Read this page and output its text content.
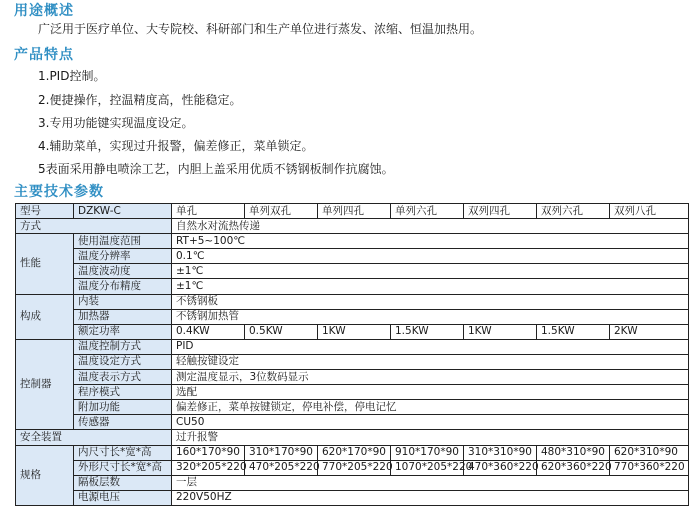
用途概述
广泛用于医疗单位、大专院校、科研部门和生产单位进行蒸发、浓缩、恒温加热用。
产品特点
1.PID控制。
2.便捷操作，控温精度高，性能稳定。
3.专用功能键实现温度设定。
4.辅助菜单，实现过升报警，偏差修正，菜单锁定。
5表面采用静电喷涂工艺，内胆上盖采用优质不锈钢板制作抗腐蚀。
主要技术参数
型号	DZKW-C	单孔	单列双孔	单列四孔	单列六孔	双列四孔	双列六孔	双列八孔
方式		自然水对流热传递						
性能	使用温度范围	RT+5~100℃						
	温度分辨率	0.1℃						
	温度波动度	±1℃						
	温度分布精度	±1℃						
构成	内装	不锈钢板						
	加热器	不锈钢加热管						
	额定功率	0.4KW	0.5KW	1KW	1.5KW	1KW	1.5KW	2KW
控制器	温度控制方式	PID						
	温度设定方式	轻触按键设定						
	温度表示方式	测定温度显示，3位数码显示						
	程序模式	选配						
	附加功能	偏差修正，菜单按键锁定，停电补偿，停电记忆						
	传感器	CU50						
安全装置		过升报警						
规格	内尺寸长*宽*高	160*170*90	310*170*90	620*170*90	910*170*90	310*310*90	480*310*90	620*310*90
	外形尺寸长*宽*高	320*205*220	470*205*220	770*205*220	1070*205*220	470*360*220	620*360*220	770*360*220
	隔板层数	一层						
	电源电压	220V50HZ						
